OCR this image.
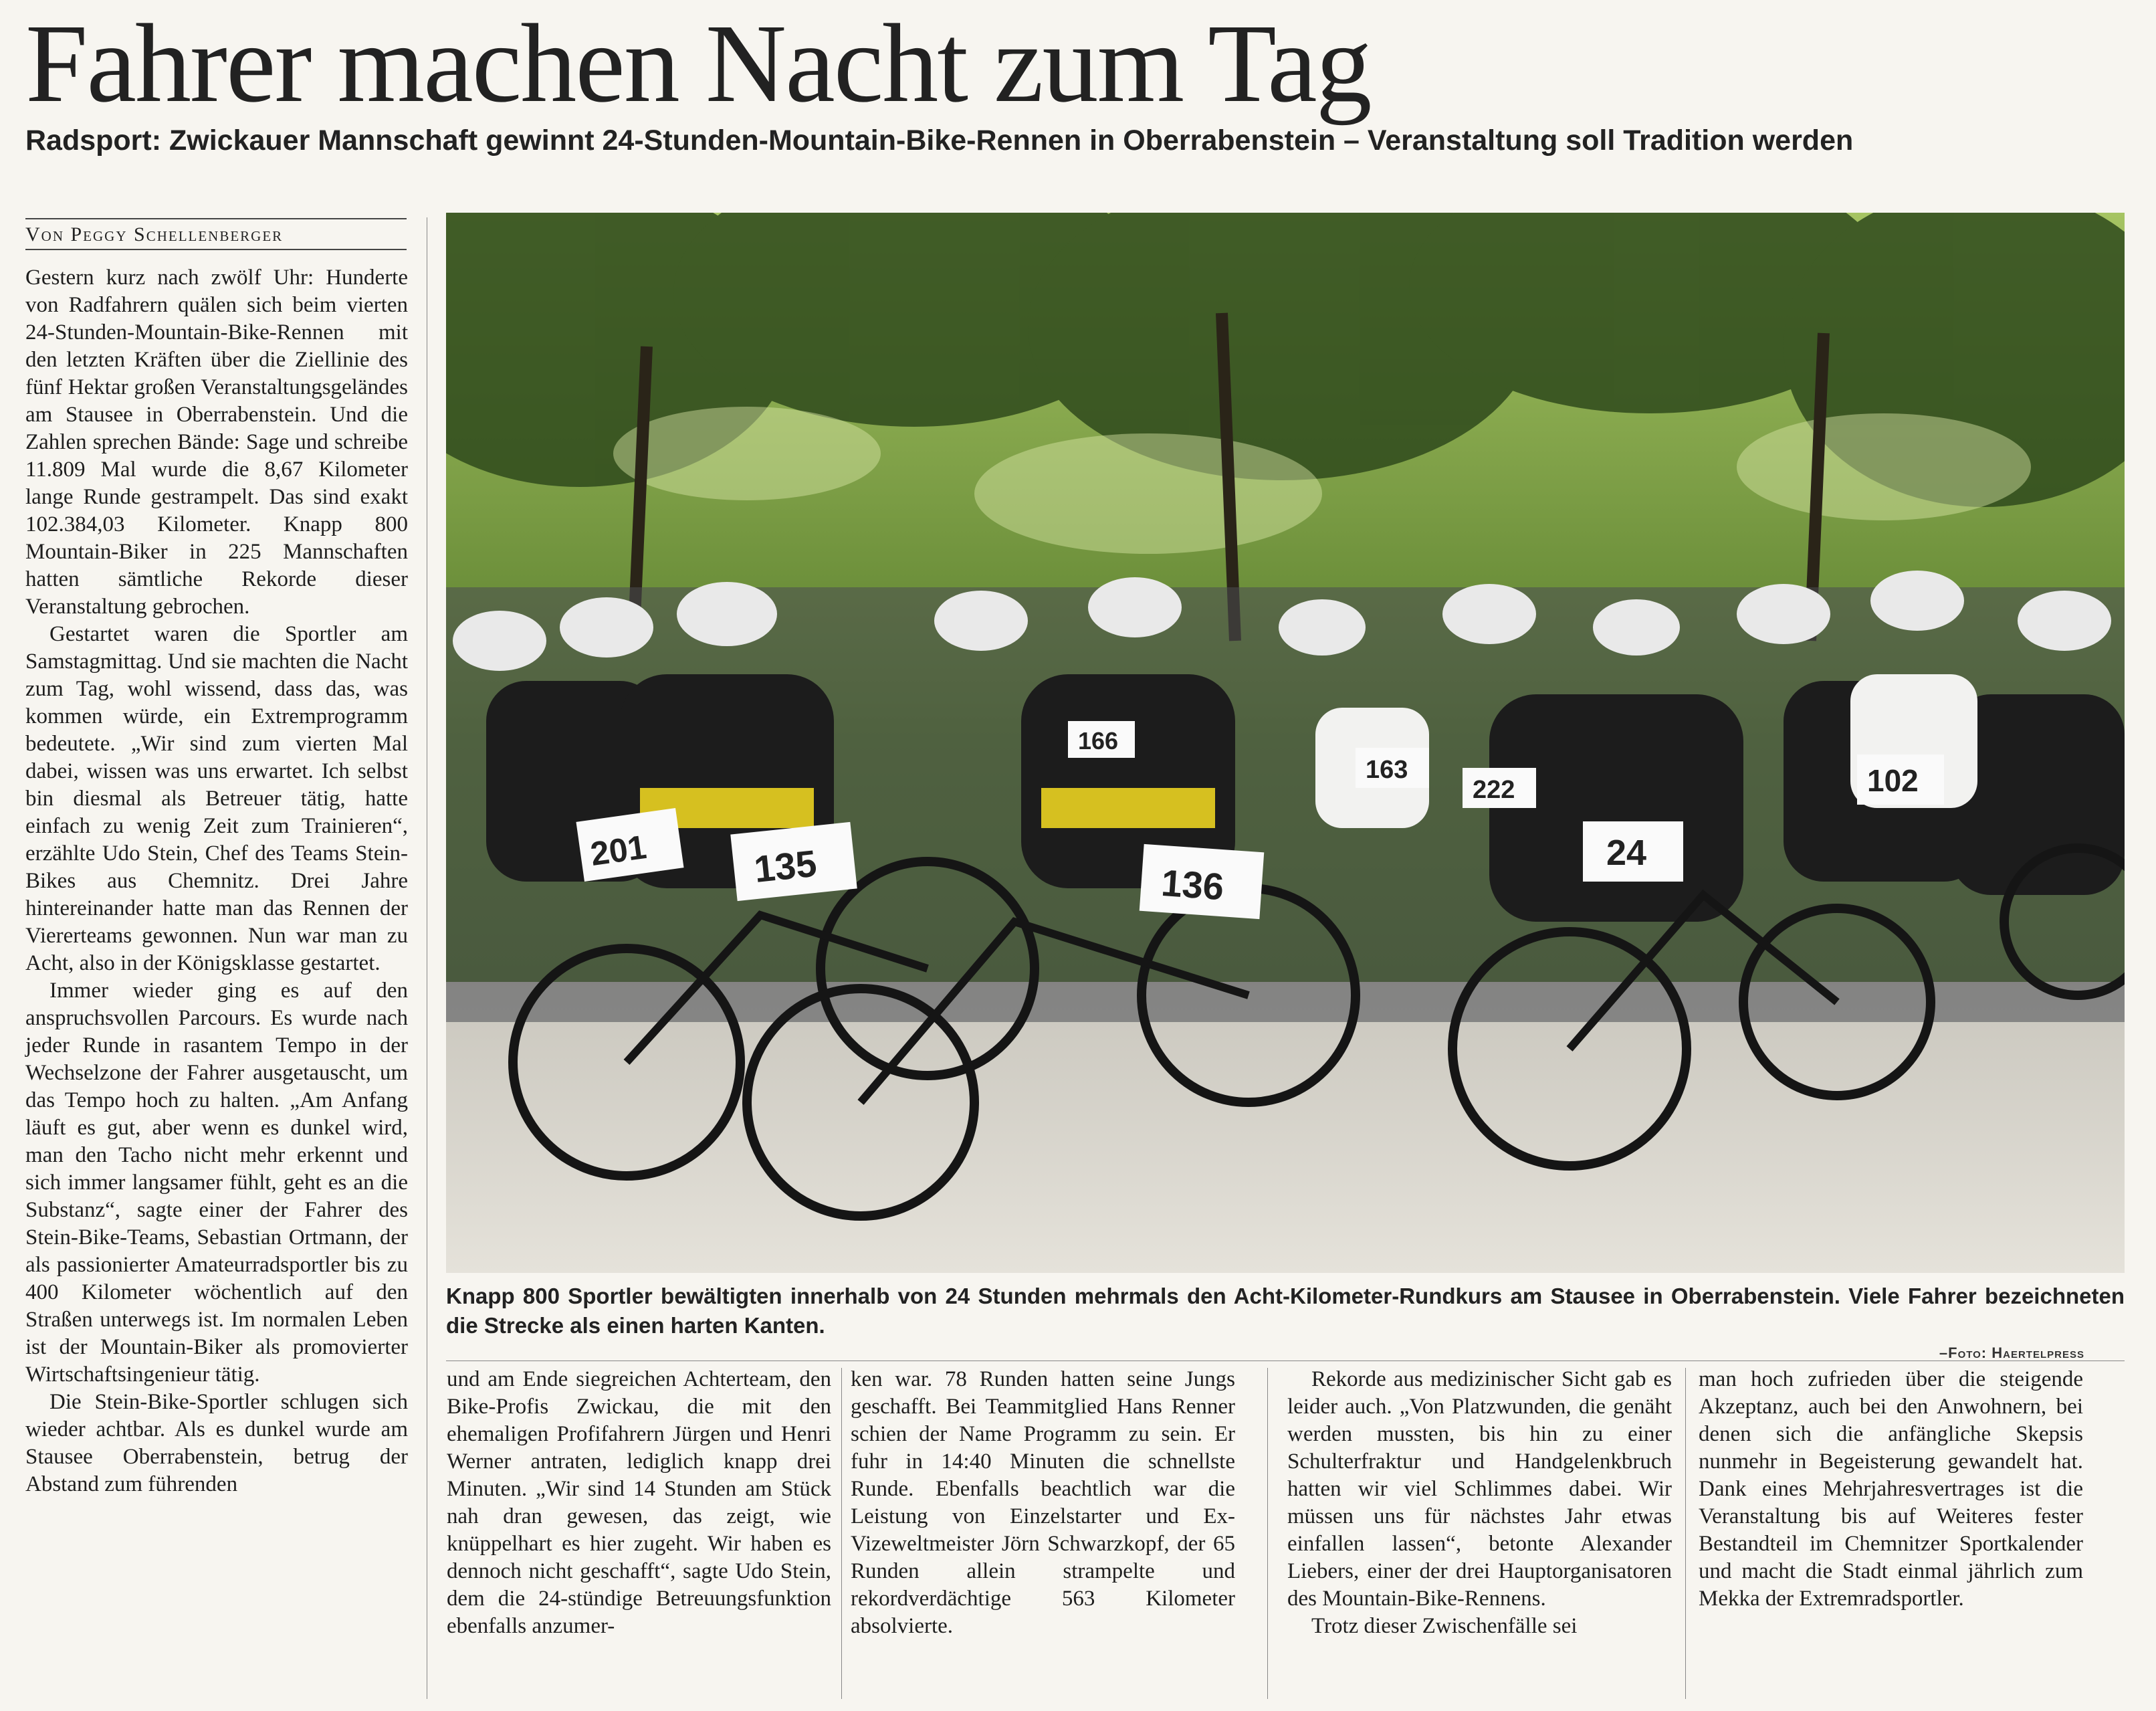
Fahrer machen Nacht zum Tag
Radsport: Zwickauer Mannschaft gewinnt 24-Stunden-Mountain-Bike-Rennen in Oberrabenstein – Veranstaltung soll Tradition werden
Von Peggy Schellenberger

Gestern kurz nach zwölf Uhr: Hunderte von Radfahrern quälen sich beim vierten 24-Stunden-Mountain-Bike-Rennen mit den letzten Kräften über die Ziellinie des fünf Hektar großen Veranstaltungsgeländes am Stausee in Oberrabenstein. Und die Zahlen sprechen Bände: Sage und schreibe 11.809 Mal wurde die 8,67 Kilometer lange Runde gestrampelt. Das sind exakt 102.384,03 Kilometer. Knapp 800 Mountain-Biker in 225 Mannschaften hatten sämtliche Rekorde dieser Veranstaltung gebrochen.

Gestartet waren die Sportler am Samstagmittag. Und sie machten die Nacht zum Tag, wohl wissend, dass das, was kommen würde, ein Extremprogramm bedeutete. „Wir sind zum vierten Mal dabei, wissen was uns erwartet. Ich selbst bin diesmal als Betreuer tätig, hatte einfach zu wenig Zeit zum Trainieren“, erzählte Udo Stein, Chef des Teams Stein-Bikes aus Chemnitz. Drei Jahre hintereinander hatte man das Rennen der Viererteams gewonnen. Nun war man zu Acht, also in der Königsklasse gestartet.

Immer wieder ging es auf den anspruchsvollen Parcours. Es wurde nach jeder Runde in rasantem Tempo in der Wechselzone der Fahrer ausgetauscht, um das Tempo hoch zu halten. „Am Anfang läuft es gut, aber wenn es dunkel wird, man den Tacho nicht mehr erkennt und sich immer langsamer fühlt, geht es an die Substanz“, sagte einer der Fahrer des Stein-Bike-Teams, Sebastian Ortmann, der als passionierter Amateurradsportler bis zu 400 Kilometer wöchentlich auf den Straßen unterwegs ist. Im normalen Leben ist der Mountain-Biker als promovierter Wirtschaftsingenieur tätig.

Die Stein-Bike-Sportler schlugen sich wieder achtbar. Als es dunkel wurde am Stausee Oberrabenstein, betrug der Abstand zum führenden

201	135	136
163
222	102
166
24
Knapp 800 Sportler bewältigten innerhalb von 24 Stunden mehrmals den Acht-Kilometer-Rundkurs am Stausee in Oberrabenstein. Viele Fahrer bezeichneten die Strecke als einen harten Kanten.
–Foto: Haertelpress

und am Ende siegreichen Achterteam, den Bike-Profis Zwickau, die mit den ehemaligen Profifahrern Jürgen und Henri Werner antraten, lediglich knapp drei Minuten. „Wir sind 14 Stunden am Stück nah dran gewesen, das zeigt, wie knüppelhart es hier zugeht. Wir haben es dennoch nicht geschafft“, sagte Udo Stein, dem die 24-stündige Betreuungsfunktion ebenfalls anzumer-

ken war. 78 Runden hatten seine Jungs geschafft. Bei Teammitglied Hans Renner schien der Name Programm zu sein. Er fuhr in 14:40 Minuten die schnellste Runde. Ebenfalls beachtlich war die Leistung von Einzelstarter und Ex-Vizeweltmeister Jörn Schwarzkopf, der 65 Runden allein strampelte und rekordverdächtige 563 Kilometer absolvierte.

Rekorde aus medizinischer Sicht gab es leider auch. „Von Platzwunden, die genäht werden mussten, bis hin zu einer Schulterfraktur und Handgelenkbruch hatten wir viel Schlimmes dabei. Wir müssen uns für nächstes Jahr etwas einfallen lassen“, betonte Alexander Liebers, einer der drei Hauptorganisatoren des Mountain-Bike-Rennens.

Trotz dieser Zwischenfälle sei

man hoch zufrieden über die steigende Akzeptanz, auch bei den Anwohnern, bei denen sich die anfängliche Skepsis nunmehr in Begeisterung gewandelt hat. Dank eines Mehrjahresvertrages ist die Veranstaltung bis auf Weiteres fester Bestandteil im Chemnitzer Sportkalender und macht die Stadt einmal jährlich zum Mekka der Extremradsportler.
